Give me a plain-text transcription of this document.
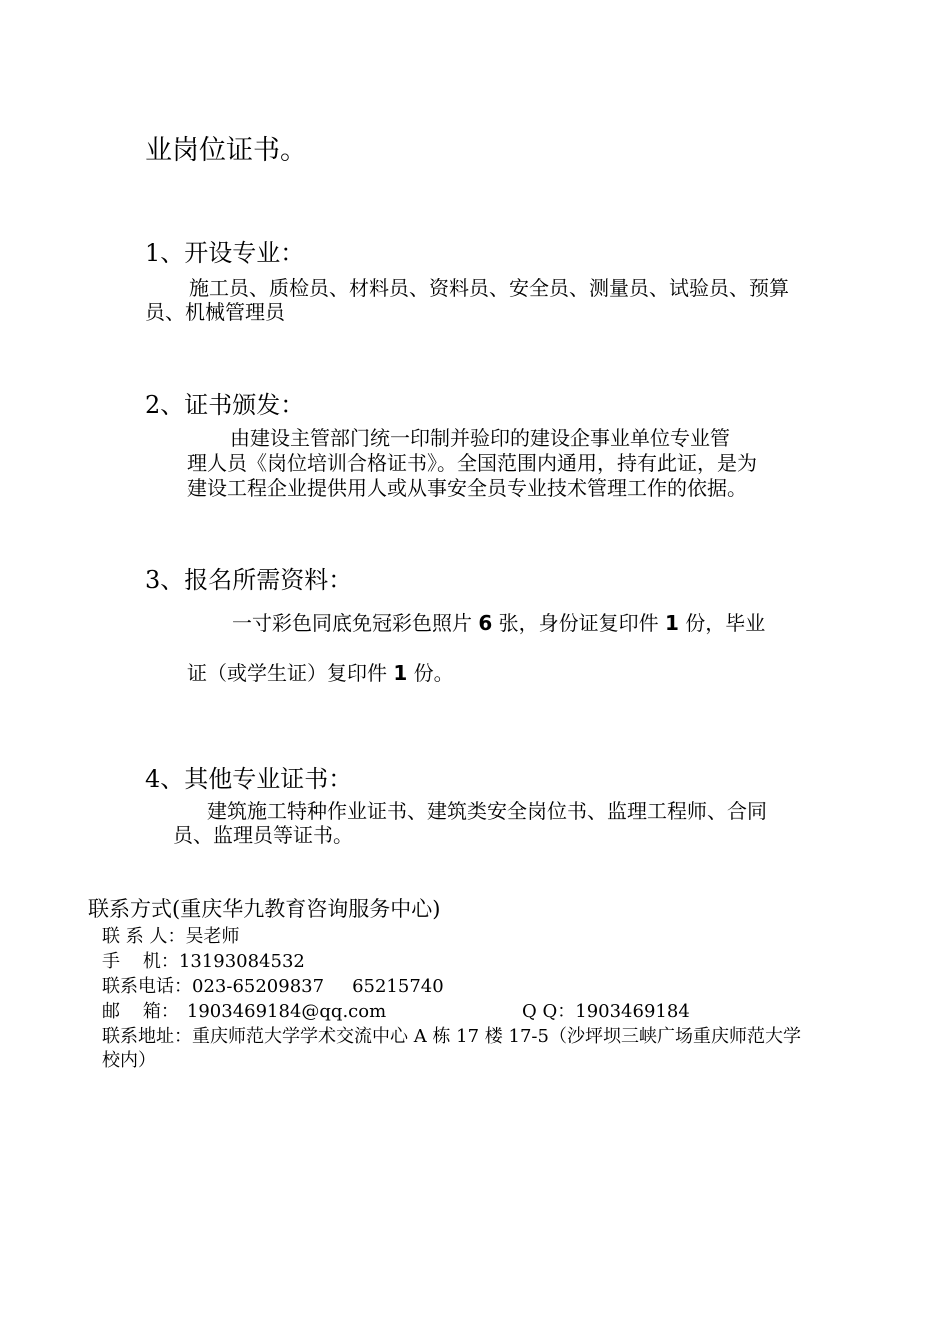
业岗位证书。
1、开设专业：
施工员、质检员、材料员、资料员、安全员、测量员、试验员、预算
员、机械管理员
2、证书颁发：
由建设主管部门统一印制并验印的建设企事业单位专业管
理人员《岗位培训合格证书》。全国范围内通用，持有此证，是为
建设工程企业提供用人或从事安全员专业技术管理工作的依据。
3、报名所需资料：
一寸彩色同底免冠彩色照片 6 张，身份证复印件 1 份，毕业
证（或学生证）复印件 1 份。
4、其他专业证书：
建筑施工特种作业证书、建筑类安全岗位书、监理工程师、合同
员、监理员等证书。
联系方式(重庆华九教育咨询服务中心)
联 系 人：吴老师
手    机：13193084532
联系电话：023-65209837 65215740
邮    箱： 1903469184@qq.com	Q Q：1903469184
联系地址：重庆师范大学学术交流中心 A 栋 17 楼 17-5（沙坪坝三峡广场重庆师范大学
校内）
